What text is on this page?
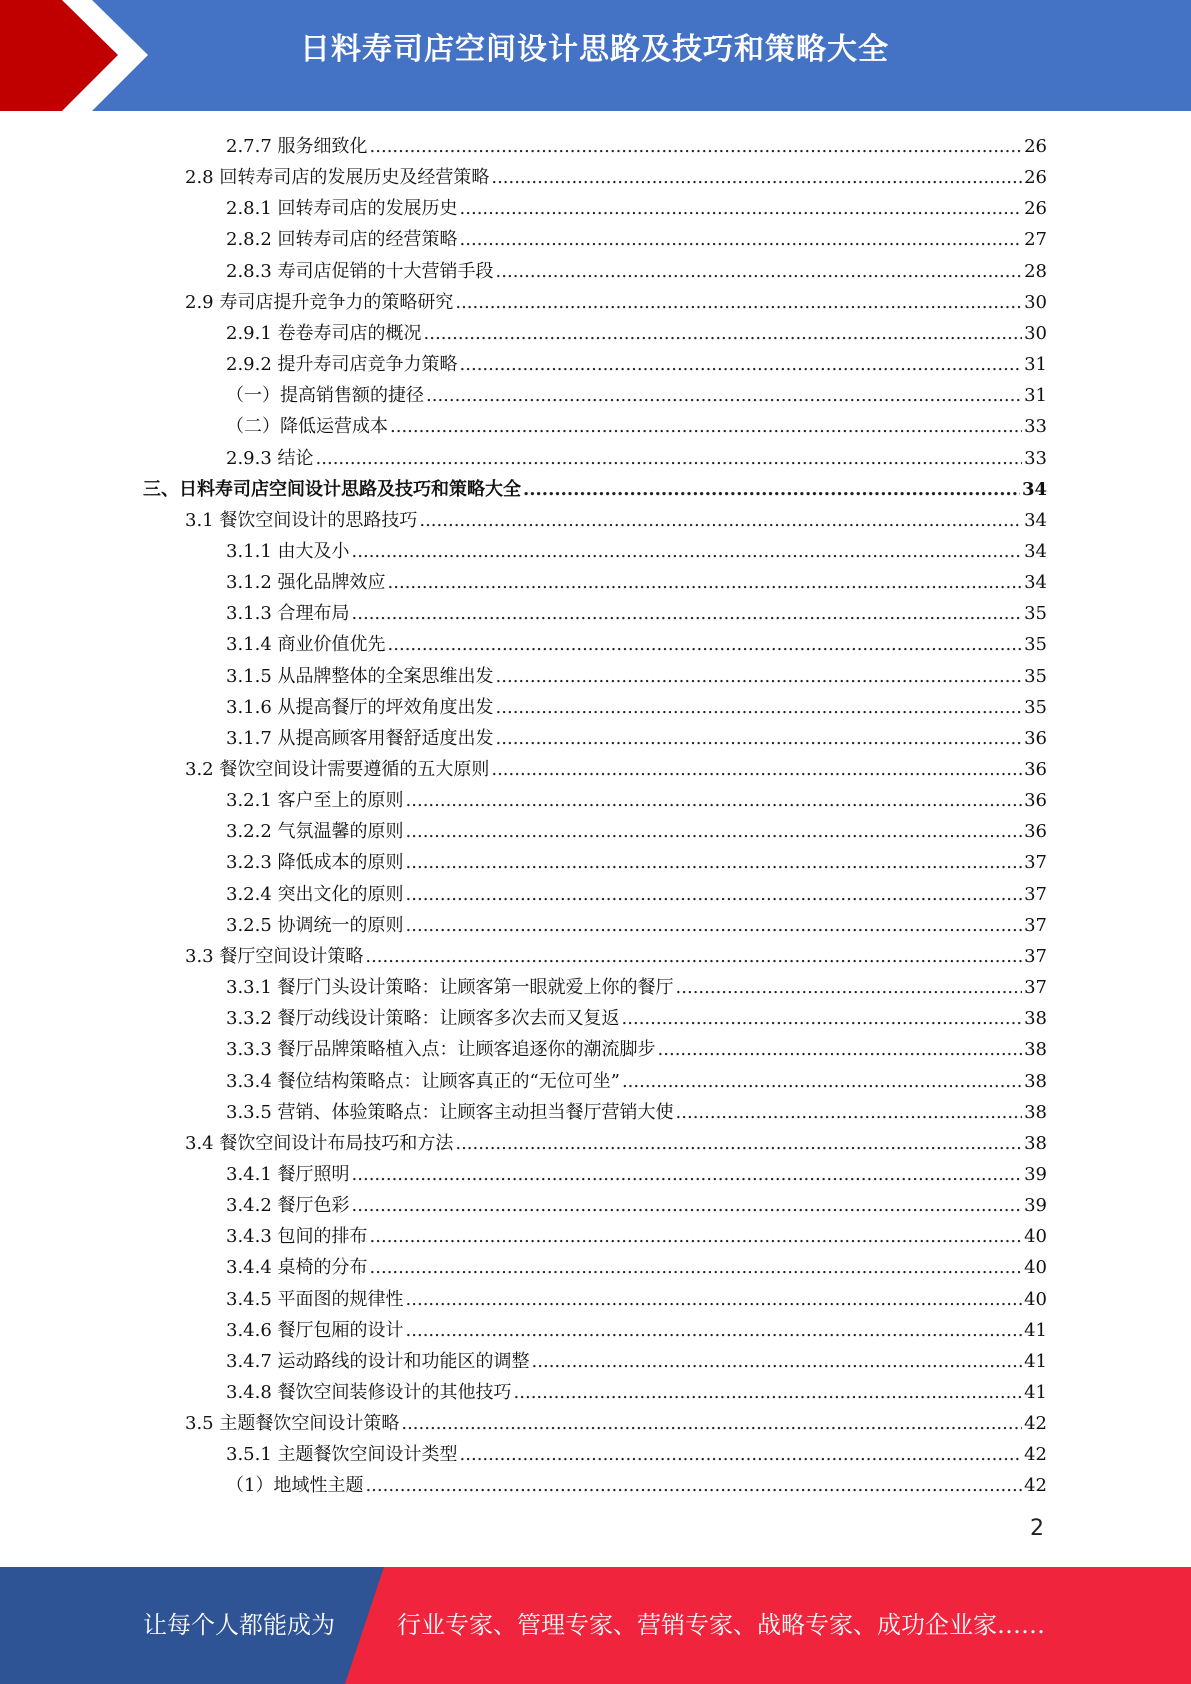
日料寿司店空间设计思路及技巧和策略大全
2.7.7 服务细致化 .....	26
2.8 回转寿司店的发展历史及经营策略 .....	26
2.8.1 回转寿司店的发展历史 .....	26
2.8.2 回转寿司店的经营策略 .....	27
2.8.3 寿司店促销的十大营销手段 .....	28
2.9 寿司店提升竞争力的策略研究 .....	30
2.9.1 卷卷寿司店的概况 .....	30
2.9.2 提升寿司店竞争力策略 .....	31
（一）提高销售额的捷径 .....	31
（二）降低运营成本 .....	33
2.9.3 结论 .....	33
三、日料寿司店空间设计思路及技巧和策略大全 .....	34
3.1 餐饮空间设计的思路技巧 .....	34
3.1.1 由大及小 .....	34
3.1.2 强化品牌效应 .....	34
3.1.3 合理布局 .....	35
3.1.4 商业价值优先 .....	35
3.1.5 从品牌整体的全案思维出发 .....	35
3.1.6 从提高餐厅的坪效角度出发 .....	35
3.1.7 从提高顾客用餐舒适度出发 .....	36
3.2 餐饮空间设计需要遵循的五大原则 .....	36
3.2.1 客户至上的原则 .....	36
3.2.2 气氛温馨的原则 .....	36
3.2.3 降低成本的原则 .....	37
3.2.4 突出文化的原则 .....	37
3.2.5 协调统一的原则 .....	37
3.3 餐厅空间设计策略 .....	37
3.3.1 餐厅门头设计策略：让顾客第一眼就爱上你的餐厅 .....	37
3.3.2 餐厅动线设计策略：让顾客多次去而又复返 .....	38
3.3.3 餐厅品牌策略植入点：让顾客追逐你的潮流脚步 .....	38
3.3.4 餐位结构策略点：让顾客真正的“无位可坐” .....	38
3.3.5 营销、体验策略点：让顾客主动担当餐厅营销大使 .....	38
3.4 餐饮空间设计布局技巧和方法 .....	38
3.4.1 餐厅照明 .....	39
3.4.2 餐厅色彩 .....	39
3.4.3 包间的排布 .....	40
3.4.4 桌椅的分布 .....	40
3.4.5 平面图的规律性 .....	40
3.4.6 餐厅包厢的设计 .....	41
3.4.7 运动路线的设计和功能区的调整 .....	41
3.4.8 餐饮空间装修设计的其他技巧 .....	41
3.5 主题餐饮空间设计策略 .....	42
3.5.1 主题餐饮空间设计类型 .....	42
（1）地域性主题 .....	42
2
让每个人都能成为	行业专家、管理专家、营销专家、战略专家、成功企业家……
